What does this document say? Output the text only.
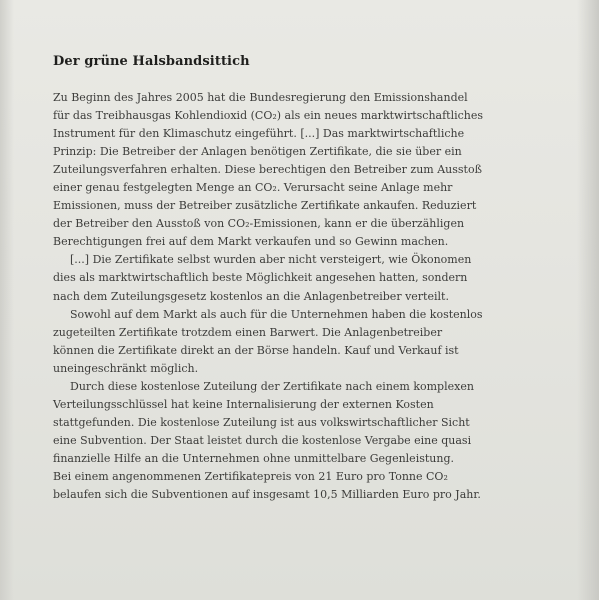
Der grüne Halsbandsittich
Zu Beginn des Jahres 2005 hat die Bundesregierung den Emissionshandel
für das Treibhausgas Kohlendioxid (CO₂) als ein neues marktwirtschaftliches
Instrument für den Klimaschutz eingeführt. [...] Das marktwirtschaftliche
Prinzip: Die Betreiber der Anlagen benötigen Zertifikate, die sie über ein
Zuteilungsverfahren erhalten. Diese berechtigen den Betreiber zum Ausstoß
einer genau festgelegten Menge an CO₂. Verursacht seine Anlage mehr
Emissionen, muss der Betreiber zusätzliche Zertifikate ankaufen. Reduziert
der Betreiber den Ausstoß von CO₂-Emissionen, kann er die überzähligen
Berechtigungen frei auf dem Markt verkaufen und so Gewinn machen.
[...] Die Zertifikate selbst wurden aber nicht versteigert, wie Ökonomen
dies als marktwirtschaftlich beste Möglichkeit angesehen hatten, sondern
nach dem Zuteilungsgesetz kostenlos an die Anlagenbetreiber verteilt.
Sowohl auf dem Markt als auch für die Unternehmen haben die kostenlos
zugeteilten Zertifikate trotzdem einen Barwert. Die Anlagenbetreiber
können die Zertifikate direkt an der Börse handeln. Kauf und Verkauf ist
uneingeschränkt möglich.
Durch diese kostenlose Zuteilung der Zertifikate nach einem komplexen
Verteilungsschlüssel hat keine Internalisierung der externen Kosten
stattgefunden. Die kostenlose Zuteilung ist aus volkswirtschaftlicher Sicht
eine Subvention. Der Staat leistet durch die kostenlose Vergabe eine quasi
finanzielle Hilfe an die Unternehmen ohne unmittelbare Gegenleistung.
Bei einem angenommenen Zertifikatepreis von 21 Euro pro Tonne CO₂
belaufen sich die Subventionen auf insgesamt 10,5 Milliarden Euro pro Jahr.
